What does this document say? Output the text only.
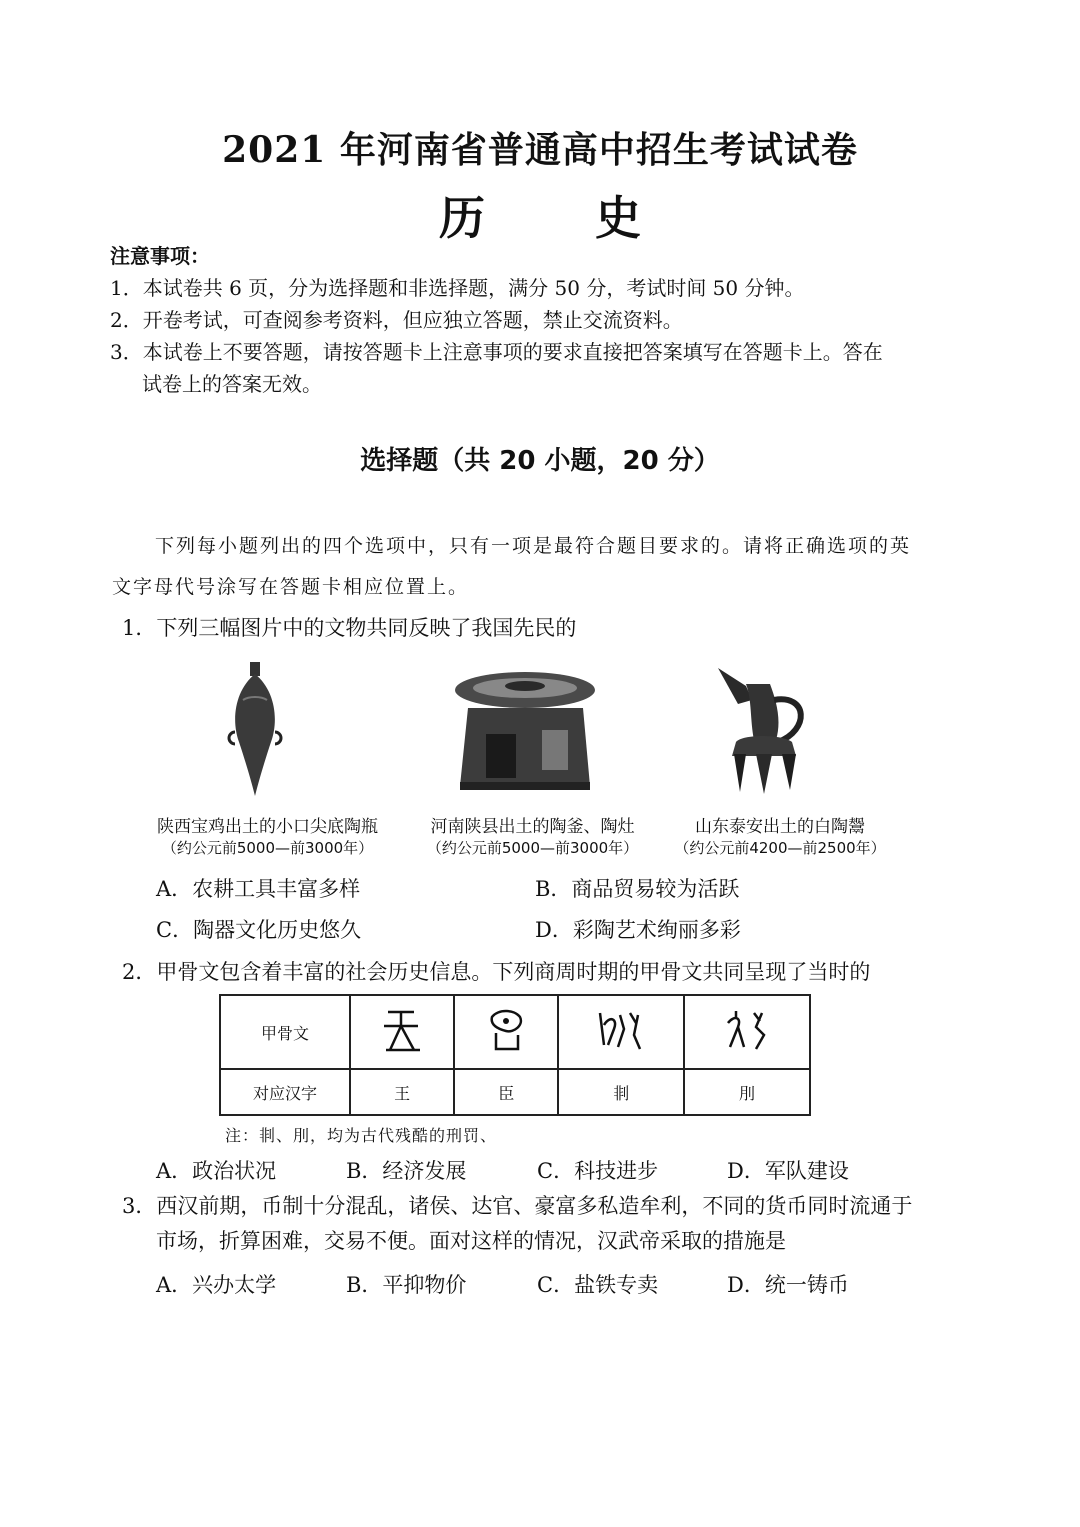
2021 年河南省普通高中招生考试试卷
历 史
注意事项：
1．本试卷共 6 页，分为选择题和非选择题，满分 50 分，考试时间 50 分钟。
2．开卷考试，可查阅参考资料，但应独立答题，禁止交流资料。
3．本试卷上不要答题，请按答题卡上注意事项的要求直接把答案填写在答题卡上。答在
试卷上的答案无效。
选择题（共 20 小题，20 分）
下列每小题列出的四个选项中，只有一项是最符合题目要求的。请将正确选项的英
文字母代号涂写在答题卡相应位置上。
1．下列三幅图片中的文物共同反映了我国先民的
陕西宝鸡出土的小口尖底陶瓶
（约公元前5000—前3000年）
河南陕县出土的陶釜、陶灶
（约公元前5000—前3000年）
山东泰安出土的白陶鬶
（约公元前4200—前2500年）
A．农耕工具丰富多样	B．商品贸易较为活跃
C．陶器文化历史悠久	D．彩陶艺术绚丽多彩
2．甲骨文包含着丰富的社会历史信息。下列商周时期的甲骨文共同呈现了当时的
甲骨文				
对应汉字	王	臣	剕	刖
注：剕、刖，均为古代残酷的刑罚、
A．政治状况	B．经济发展	C．科技进步	D．军队建设
3．西汉前期，币制十分混乱，诸侯、达官、豪富多私造牟利，不同的货币同时流通于
市场，折算困难，交易不便。面对这样的情况，汉武帝采取的措施是
A．兴办太学	B．平抑物价	C．盐铁专卖	D．统一铸币
